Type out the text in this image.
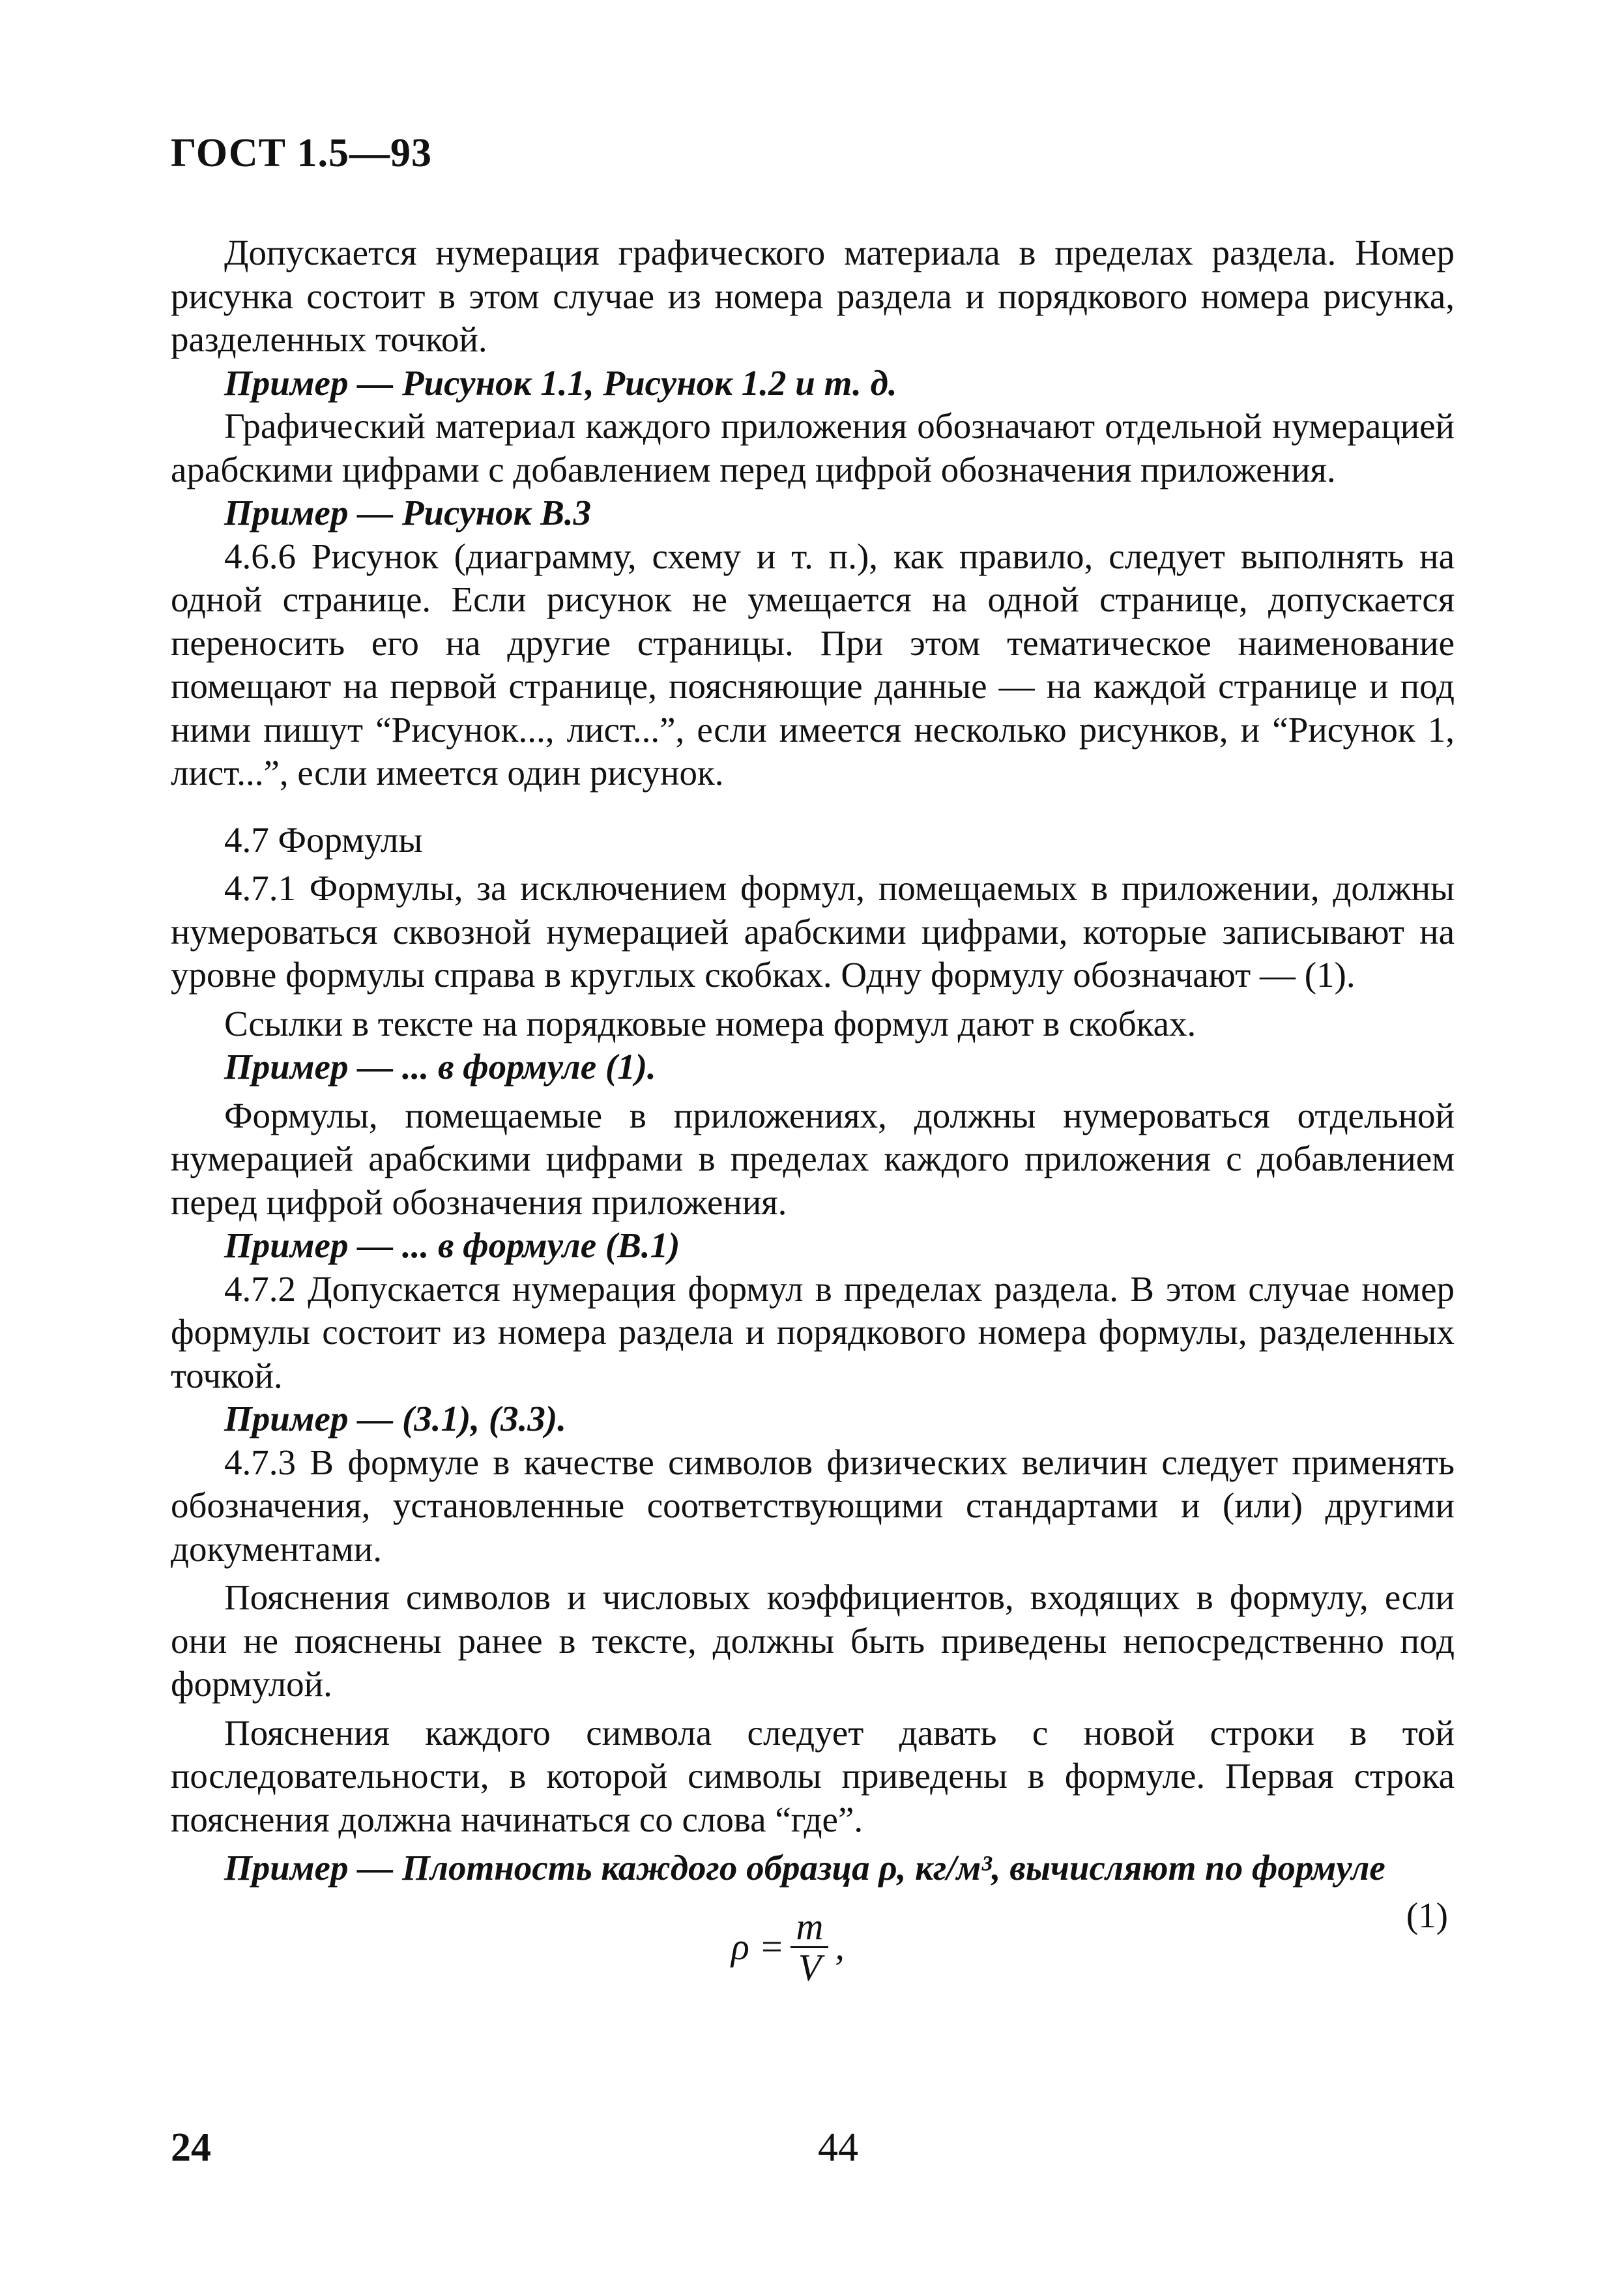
ГОСТ 1.5—93

Допускается нумерация графического материала в пределах раздела. Номер рисунка состоит в этом случае из номера раздела и порядкового номера рисунка, разделенных точкой.

Пример — Рисунок 1.1, Рисунок 1.2 и т. д.

Графический материал каждого приложения обозначают отдельной нумерацией арабскими цифрами с добавлением перед цифрой обозначения приложения.

Пример — Рисунок В.3

4.6.6 Рисунок (диаграмму, схему и т. п.), как правило, следует выполнять на одной странице. Если рисунок не умещается на одной странице, допускается переносить его на другие страницы. При этом тематическое наименование помещают на первой странице, поясняющие данные — на каждой странице и под ними пишут “Рисунок..., лист...”, если имеется несколько рисунков, и “Рисунок 1, лист...”, если имеется один рисунок.

4.7 Формулы

4.7.1 Формулы, за исключением формул, помещаемых в приложении, должны нумероваться сквозной нумерацией арабскими цифрами, которые записывают на уровне формулы справа в круглых скобках. Одну формулу обозначают — (1).

Ссылки в тексте на порядковые номера формул дают в скобках.

Пример — ... в формуле (1).

Формулы, помещаемые в приложениях, должны нумероваться отдельной нумерацией арабскими цифрами в пределах каждого приложения с добавлением перед цифрой обозначения приложения.

Пример — ... в формуле (В.1)

4.7.2 Допускается нумерация формул в пределах раздела. В этом случае номер формулы состоит из номера раздела и порядкового номера формулы, разделенных точкой.

Пример — (3.1), (3.3).

4.7.3 В формуле в качестве символов физических величин следует применять обозначения, установленные соответствующими стандартами и (или) другими документами.

Пояснения символов и числовых коэффициентов, входящих в формулу, если они не пояснены ранее в тексте, должны быть приведены непосредственно под формулой.

Пояснения каждого символа следует давать с новой строки в той последовательности, в которой символы приведены в формуле. Первая строка пояснения должна начинаться со слова “где”.

Пример — Плотность каждого образца ρ, кг/м³, вычисляют по формуле

$\rho = \frac{m}{V}$ ,
(1)
24	44
